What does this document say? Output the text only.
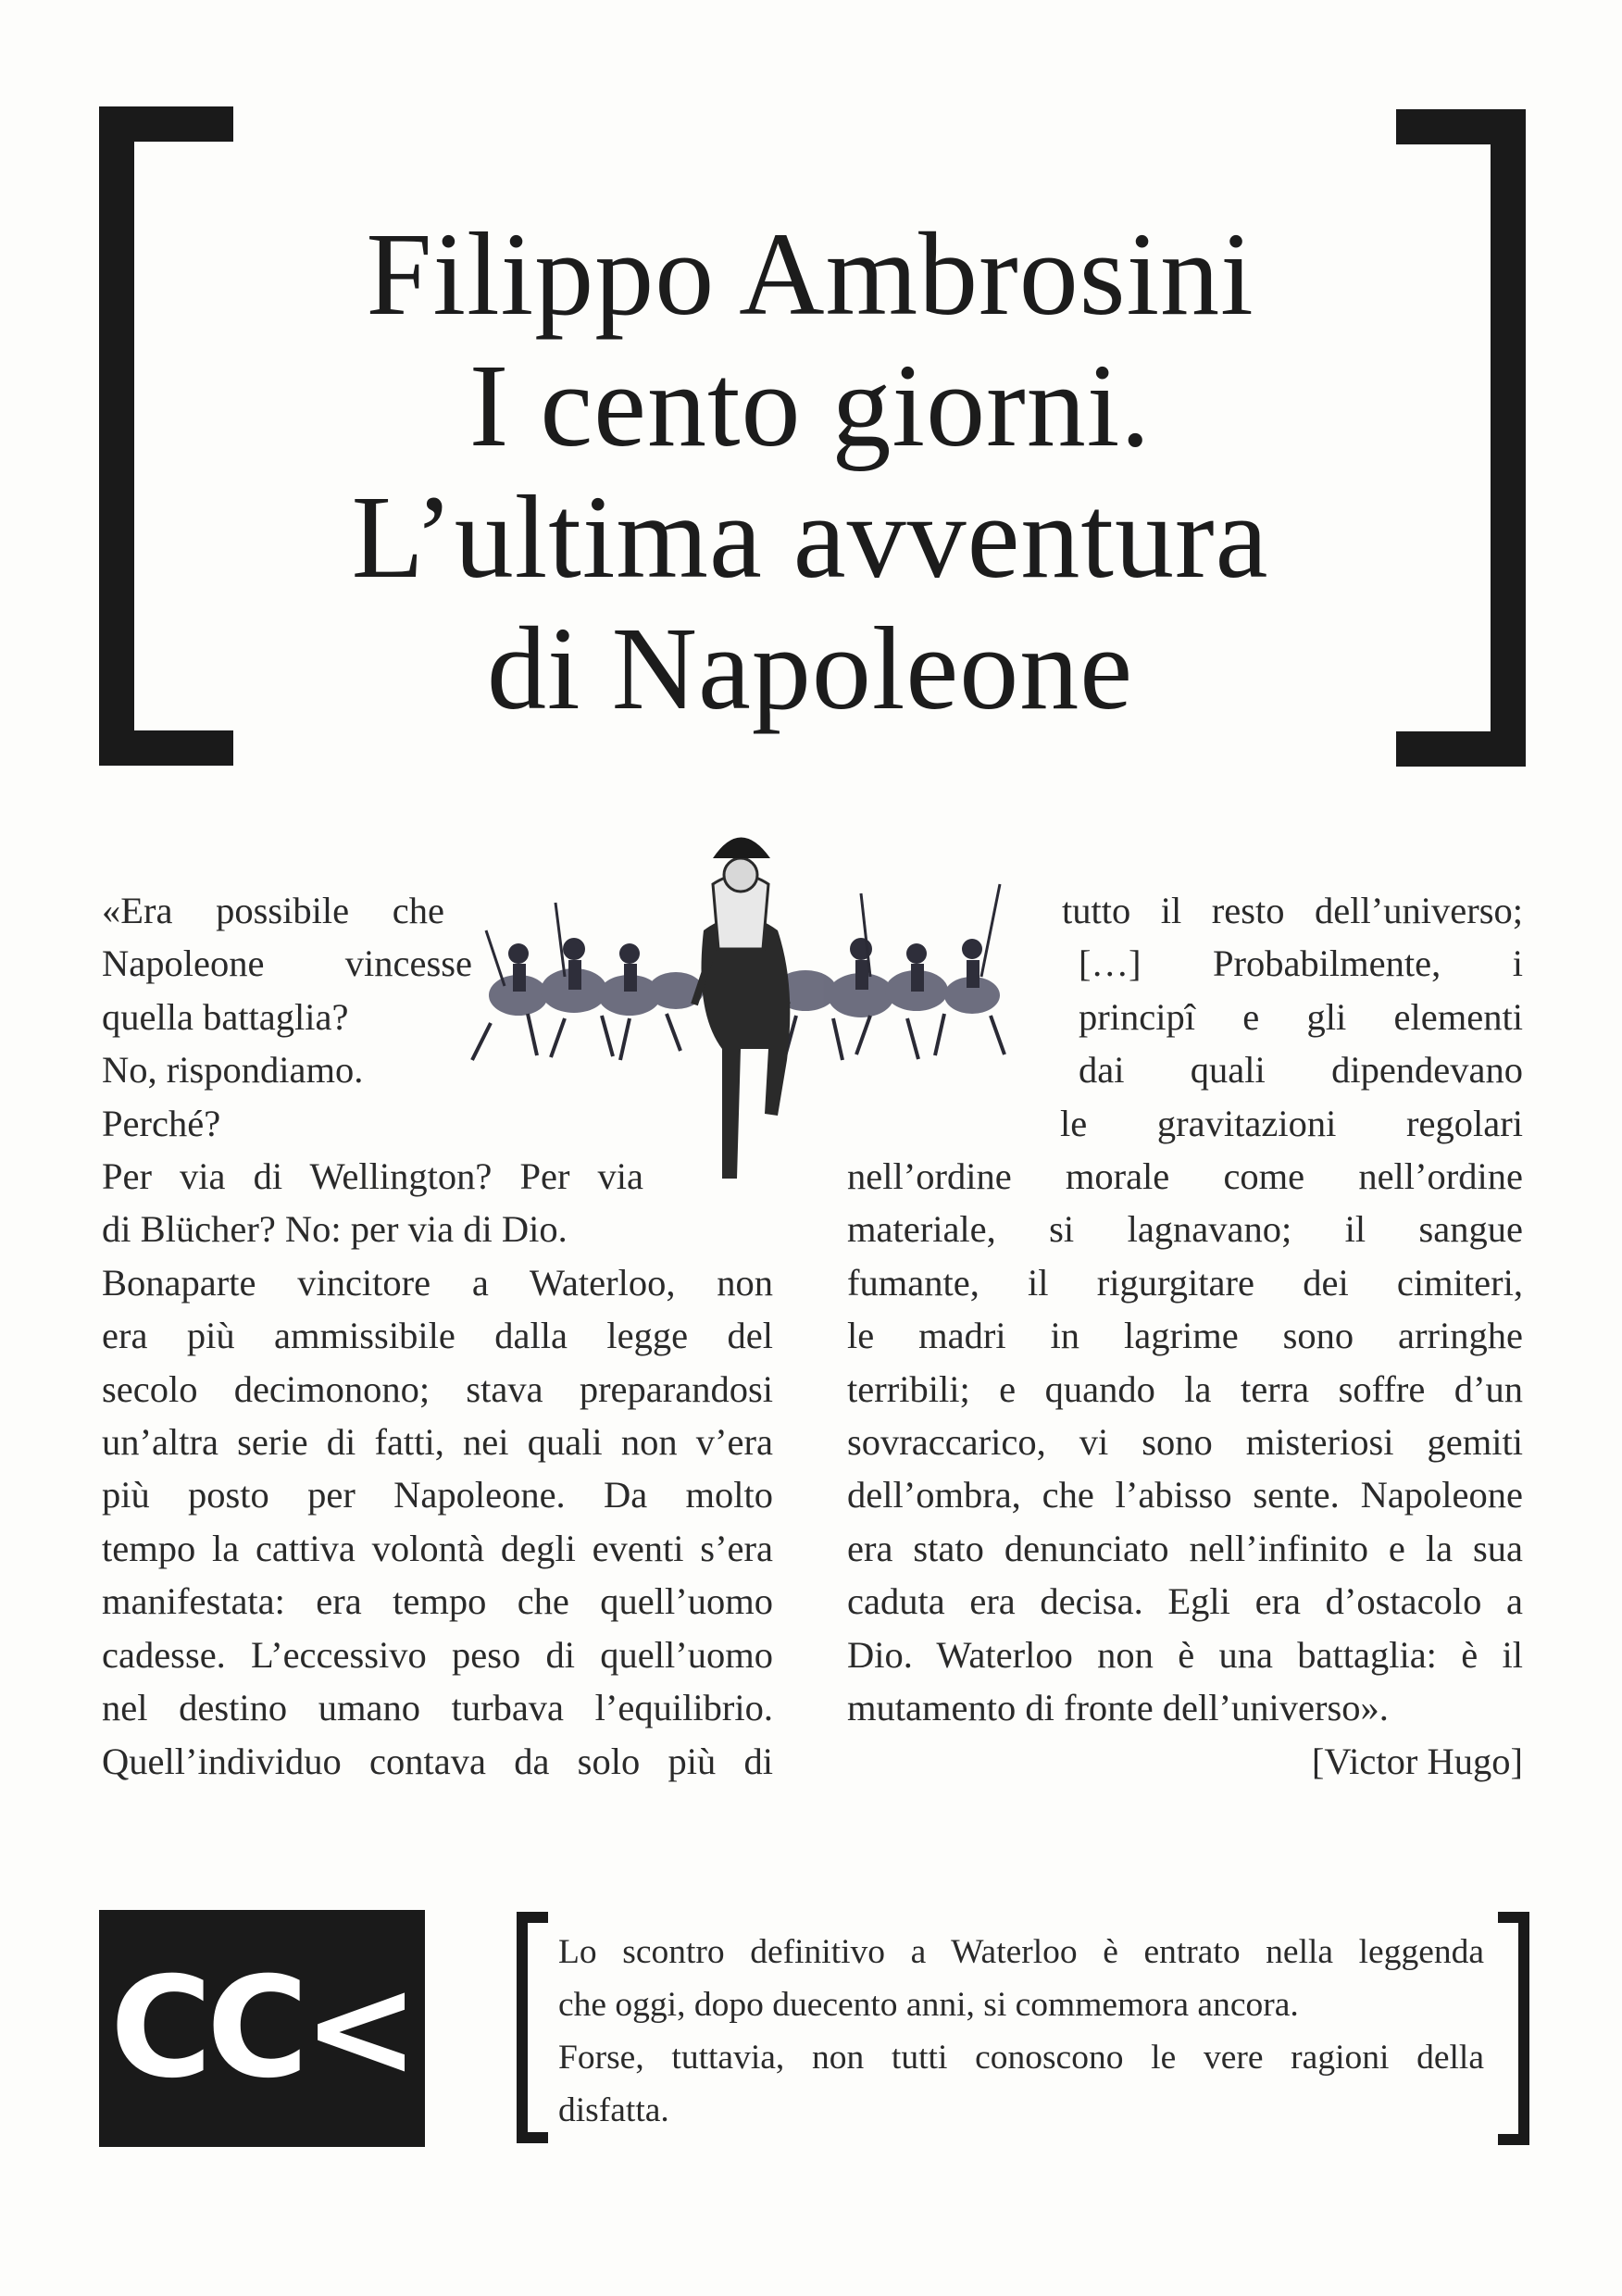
Filippo Ambrosini
I cento giorni.
L’ultima avventura
di Napoleone
«Era possibile che
Napoleone vincesse
quella battaglia?
No, rispondiamo.
Perché?
Per via di Wellington? Per via
di Blücher? No: per via di Dio.
Bonaparte vincitore a Waterloo, non
era più ammissibile dalla legge del
secolo decimonono; stava preparandosi
un’altra serie di fatti, nei quali non v’era
più posto per Napoleone. Da molto
tempo la cattiva volontà degli eventi s’era
manifestata: era tempo che quell’uomo
cadesse. L’eccessivo peso di quell’uomo
nel destino umano turbava l’equilibrio.
Quell’individuo contava da solo più di
tutto il resto dell’universo;
[…] Probabilmente, i
principî e gli elementi
dai quali dipendevano
le gravitazioni regolari
nell’ordine morale come nell’ordine
materiale, si lagnavano; il sangue
fumante, il rigurgitare dei cimiteri,
le madri in lagrime sono arringhe
terribili; e quando la terra soffre d’un
sovraccarico, vi sono misteriosi gemiti
dell’ombra, che l’abisso sente. Napoleone
era stato denunciato nell’infinito e la sua
caduta era decisa. Egli era d’ostacolo a
Dio. Waterloo non è una battaglia: è il
mutamento di fronte dell’universo».
[Victor Hugo]
CC<	Lo scontro definitivo a Waterloo è entrato nella leggenda
che oggi, dopo duecento anni, si commemora ancora.
Forse, tuttavia, non tutti conoscono le vere ragioni della
disfatta.
